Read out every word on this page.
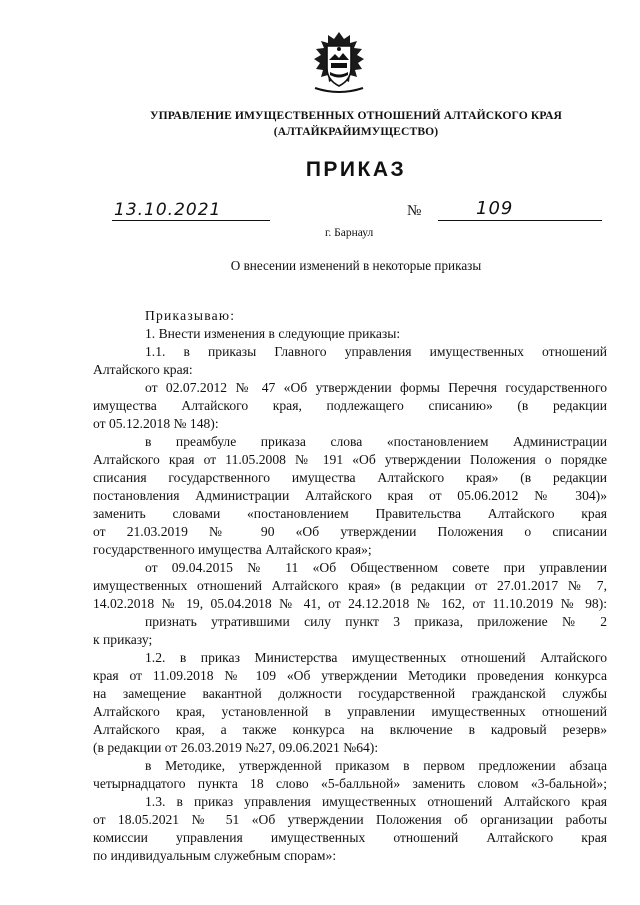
УПРАВЛЕНИЕ ИМУЩЕСТВЕННЫХ ОТНОШЕНИЙ АЛТАЙСКОГО КРАЯ
(АЛТАЙКРАЙИМУЩЕСТВО)
ПРИКАЗ
13.10.2021	№	109
г. Барнаул
О внесении изменений в некоторые приказы
Приказываю:
1. Внести изменения в следующие приказы:
1.1. в приказы Главного управления имущественных отношений
Алтайского края:
от 02.07.2012 № 47 «Об утверждении формы Перечня государственного
имущества Алтайского края, подлежащего списанию» (в редакции
от 05.12.2018 № 148):
в преамбуле приказа слова «постановлением Администрации
Алтайского края от 11.05.2008 № 191 «Об утверждении Положения о порядке
списания государственного имущества Алтайского края» (в редакции
постановления Администрации Алтайского края от 05.06.2012 № 304)»
заменить словами «постановлением Правительства Алтайского края
от 21.03.2019 № 90 «Об утверждении Положения о списании
государственного имущества Алтайского края»;
от 09.04.2015 № 11 «Об Общественном совете при управлении
имущественных отношений Алтайского края» (в редакции от 27.01.2017 № 7,
14.02.2018 № 19, 05.04.2018 № 41, от 24.12.2018 № 162, от 11.10.2019 № 98):
признать утратившими силу пункт 3 приказа, приложение № 2
к приказу;
1.2. в приказ Министерства имущественных отношений Алтайского
края от 11.09.2018 № 109 «Об утверждении Методики проведения конкурса
на замещение вакантной должности государственной гражданской службы
Алтайского края, установленной в управлении имущественных отношений
Алтайского края, а также конкурса на включение в кадровый резерв»
(в редакции от 26.03.2019 №27, 09.06.2021 №64):
в Методике, утвержденной приказом в первом предложении абзаца
четырнадцатого пункта 18 слово «5-балльной» заменить словом «3-бальной»;
1.3. в приказ управления имущественных отношений Алтайского края
от 18.05.2021 № 51 «Об утверждении Положения об организации работы
комиссии управления имущественных отношений Алтайского края
по индивидуальным служебным спорам»:
